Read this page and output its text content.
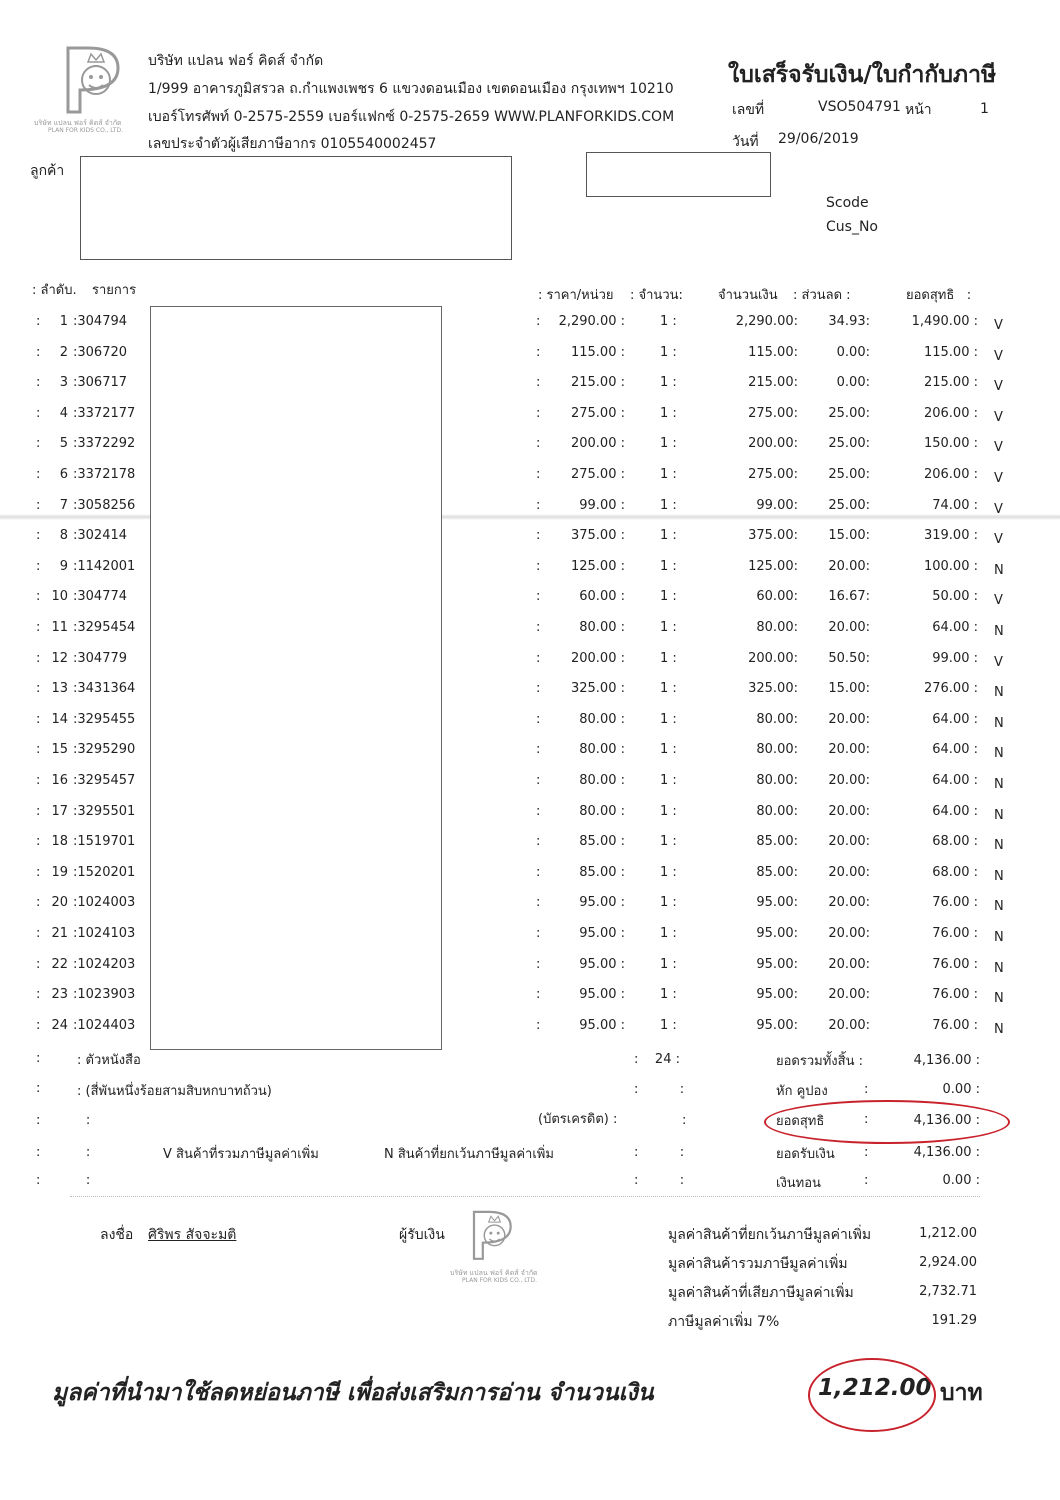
บริษัท แปลน ฟอร์ คิดส์ จำกัด
PLAN FOR KIDS CO., LTD.
บริษัท แปลน ฟอร์ คิดส์ จำกัด
1/999 อาคารภูมิสรวล ถ.กำแพงเพชร 6 แขวงดอนเมือง เขตดอนเมือง กรุงเทพฯ 10210
เบอร์โทรศัพท์ 0-2575-2559 เบอร์แฟกซ์ 0-2575-2659 WWW.PLANFORKIDS.COM
เลขประจำตัวผู้เสียภาษีอากร 0105540002457
ใบเสร็จรับเงิน/ใบกำกับภาษี
เลขที่	VSO504791 หน้า	1
วันที่ 29/06/2019
ลูกค้า
Scode
Cus_No
: ลำดับ. รายการ	: ราคา/หน่วย : จำนวน:	จำนวนเงิน : ส่วนลด :	ยอดสุทธิ   :
:	1 :304794	:	2,290.00 :	1 :	2,290.00:	34.93:	1,490.00 : V
:	2 :306720	:	115.00 :	1 :	115.00:	0.00:	115.00 : V
:	3 :306717	:	215.00 :	1 :	215.00:	0.00:	215.00 : V
:	4 :3372177	:	275.00 :	1 :	275.00:	25.00:	206.00 : V
:	5 :3372292	:	200.00 :	1 :	200.00:	25.00:	150.00 : V
:	6 :3372178	:	275.00 :	1 :	275.00:	25.00:	206.00 : V
:	7 :3058256	:	99.00 :	1 :	99.00:	25.00:	74.00 : V
:	8 :302414	:	375.00 :	1 :	375.00:	15.00:	319.00 : V
:	9 :1142001	:	125.00 :	1 :	125.00:	20.00:	100.00 : N
: 10 :304774	:	60.00 :	1 :	60.00:	16.67:	50.00 : V
: 11 :3295454	:	80.00 :	1 :	80.00:	20.00:	64.00 : N
: 12 :304779	:	200.00 :	1 :	200.00:	50.50:	99.00 : V
: 13 :3431364	:	325.00 :	1 :	325.00:	15.00:	276.00 : N
: 14 :3295455	:	80.00 :	1 :	80.00:	20.00:	64.00 : N
: 15 :3295290	:	80.00 :	1 :	80.00:	20.00:	64.00 : N
: 16 :3295457	:	80.00 :	1 :	80.00:	20.00:	64.00 : N
: 17 :3295501	:	80.00 :	1 :	80.00:	20.00:	64.00 : N
: 18 :1519701	:	85.00 :	1 :	85.00:	20.00:	68.00 : N
: 19 :1520201	:	85.00 :	1 :	85.00:	20.00:	68.00 : N
: 20 :1024003	:	95.00 :	1 :	95.00:	20.00:	76.00 : N
: 21 :1024103	:	95.00 :	1 :	95.00:	20.00:	76.00 : N
: 22 :1024203	:	95.00 :	1 :	95.00:	20.00:	76.00 : N
: 23 :1023903	:	95.00 :	1 :	95.00:	20.00:	76.00 : N
: 24 :1024403	:	95.00 :	1 :	95.00:	20.00:	76.00 : N
:	: ตัวหนังสือ	:    24 :	ยอดรวมทั้งสิ้น :	4,136.00 :
:	: (สี่พันหนึ่งร้อยสามสิบหกบาทถ้วน)	:          :	หัก คูปอง	:	0.00 :
:           :	(บัตรเครดิต) :	:	ยอดสุทธิ	:	4,136.00 :
:           :	V สินค้าที่รวมภาษีมูลค่าเพิ่ม	N สินค้าที่ยกเว้นภาษีมูลค่าเพิ่ม	:          :	ยอดรับเงิน :	4,136.00 :
:           :	:          :	เงินทอน	:	0.00 :
ลงชื่อ ศิริพร สัจจะมติ	ผู้รับเงิน
บริษัท แปลน ฟอร์ คิดส์ จำกัด
PLAN FOR KIDS CO., LTD.
มูลค่าสินค้าที่ยกเว้นภาษีมูลค่าเพิ่ม	1,212.00
มูลค่าสินค้ารวมภาษีมูลค่าเพิ่ม	2,924.00
มูลค่าสินค้าที่เสียภาษีมูลค่าเพิ่ม	2,732.71
ภาษีมูลค่าเพิ่ม 7%	191.29
มูลค่าที่นำมาใช้ลดหย่อนภาษี เพื่อส่งเสริมการอ่าน จำนวนเงิน	1,212.00 บาท
